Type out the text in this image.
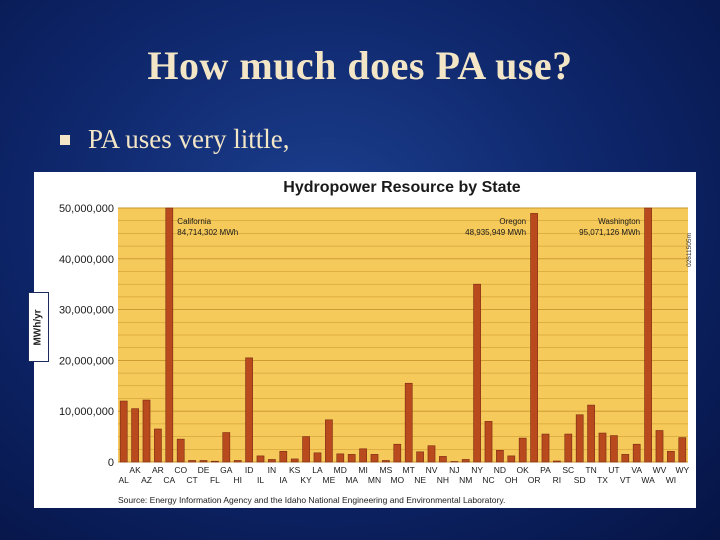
How much does PA use?
PA uses very little,
Hydropower Resource by State
0
10,000,000
20,000,000
30,000,000
40,000,000
50,000,000
AL
AK
AZ
AR
CA
CO
CT
DE
FL
GA
HI
ID
IL
IN
IA
KS
KY
LA
ME
MD
MA
MI
MN
MS
MO
MT
NE
NV
NH
NJ
NM
NY
NC
ND
OH
OK
OR
PA
RI
SC
SD
TN
TX
UT
VT
VA
WA
WV
WI
WY
California
84,714,302 MWh
Oregon
48,935,949 MWh
Washington
95,071,126 MWh
Source: Energy Information Agency and the Idaho National Engineering and Environmental Laboratory.
02611505m
MWh/yr
